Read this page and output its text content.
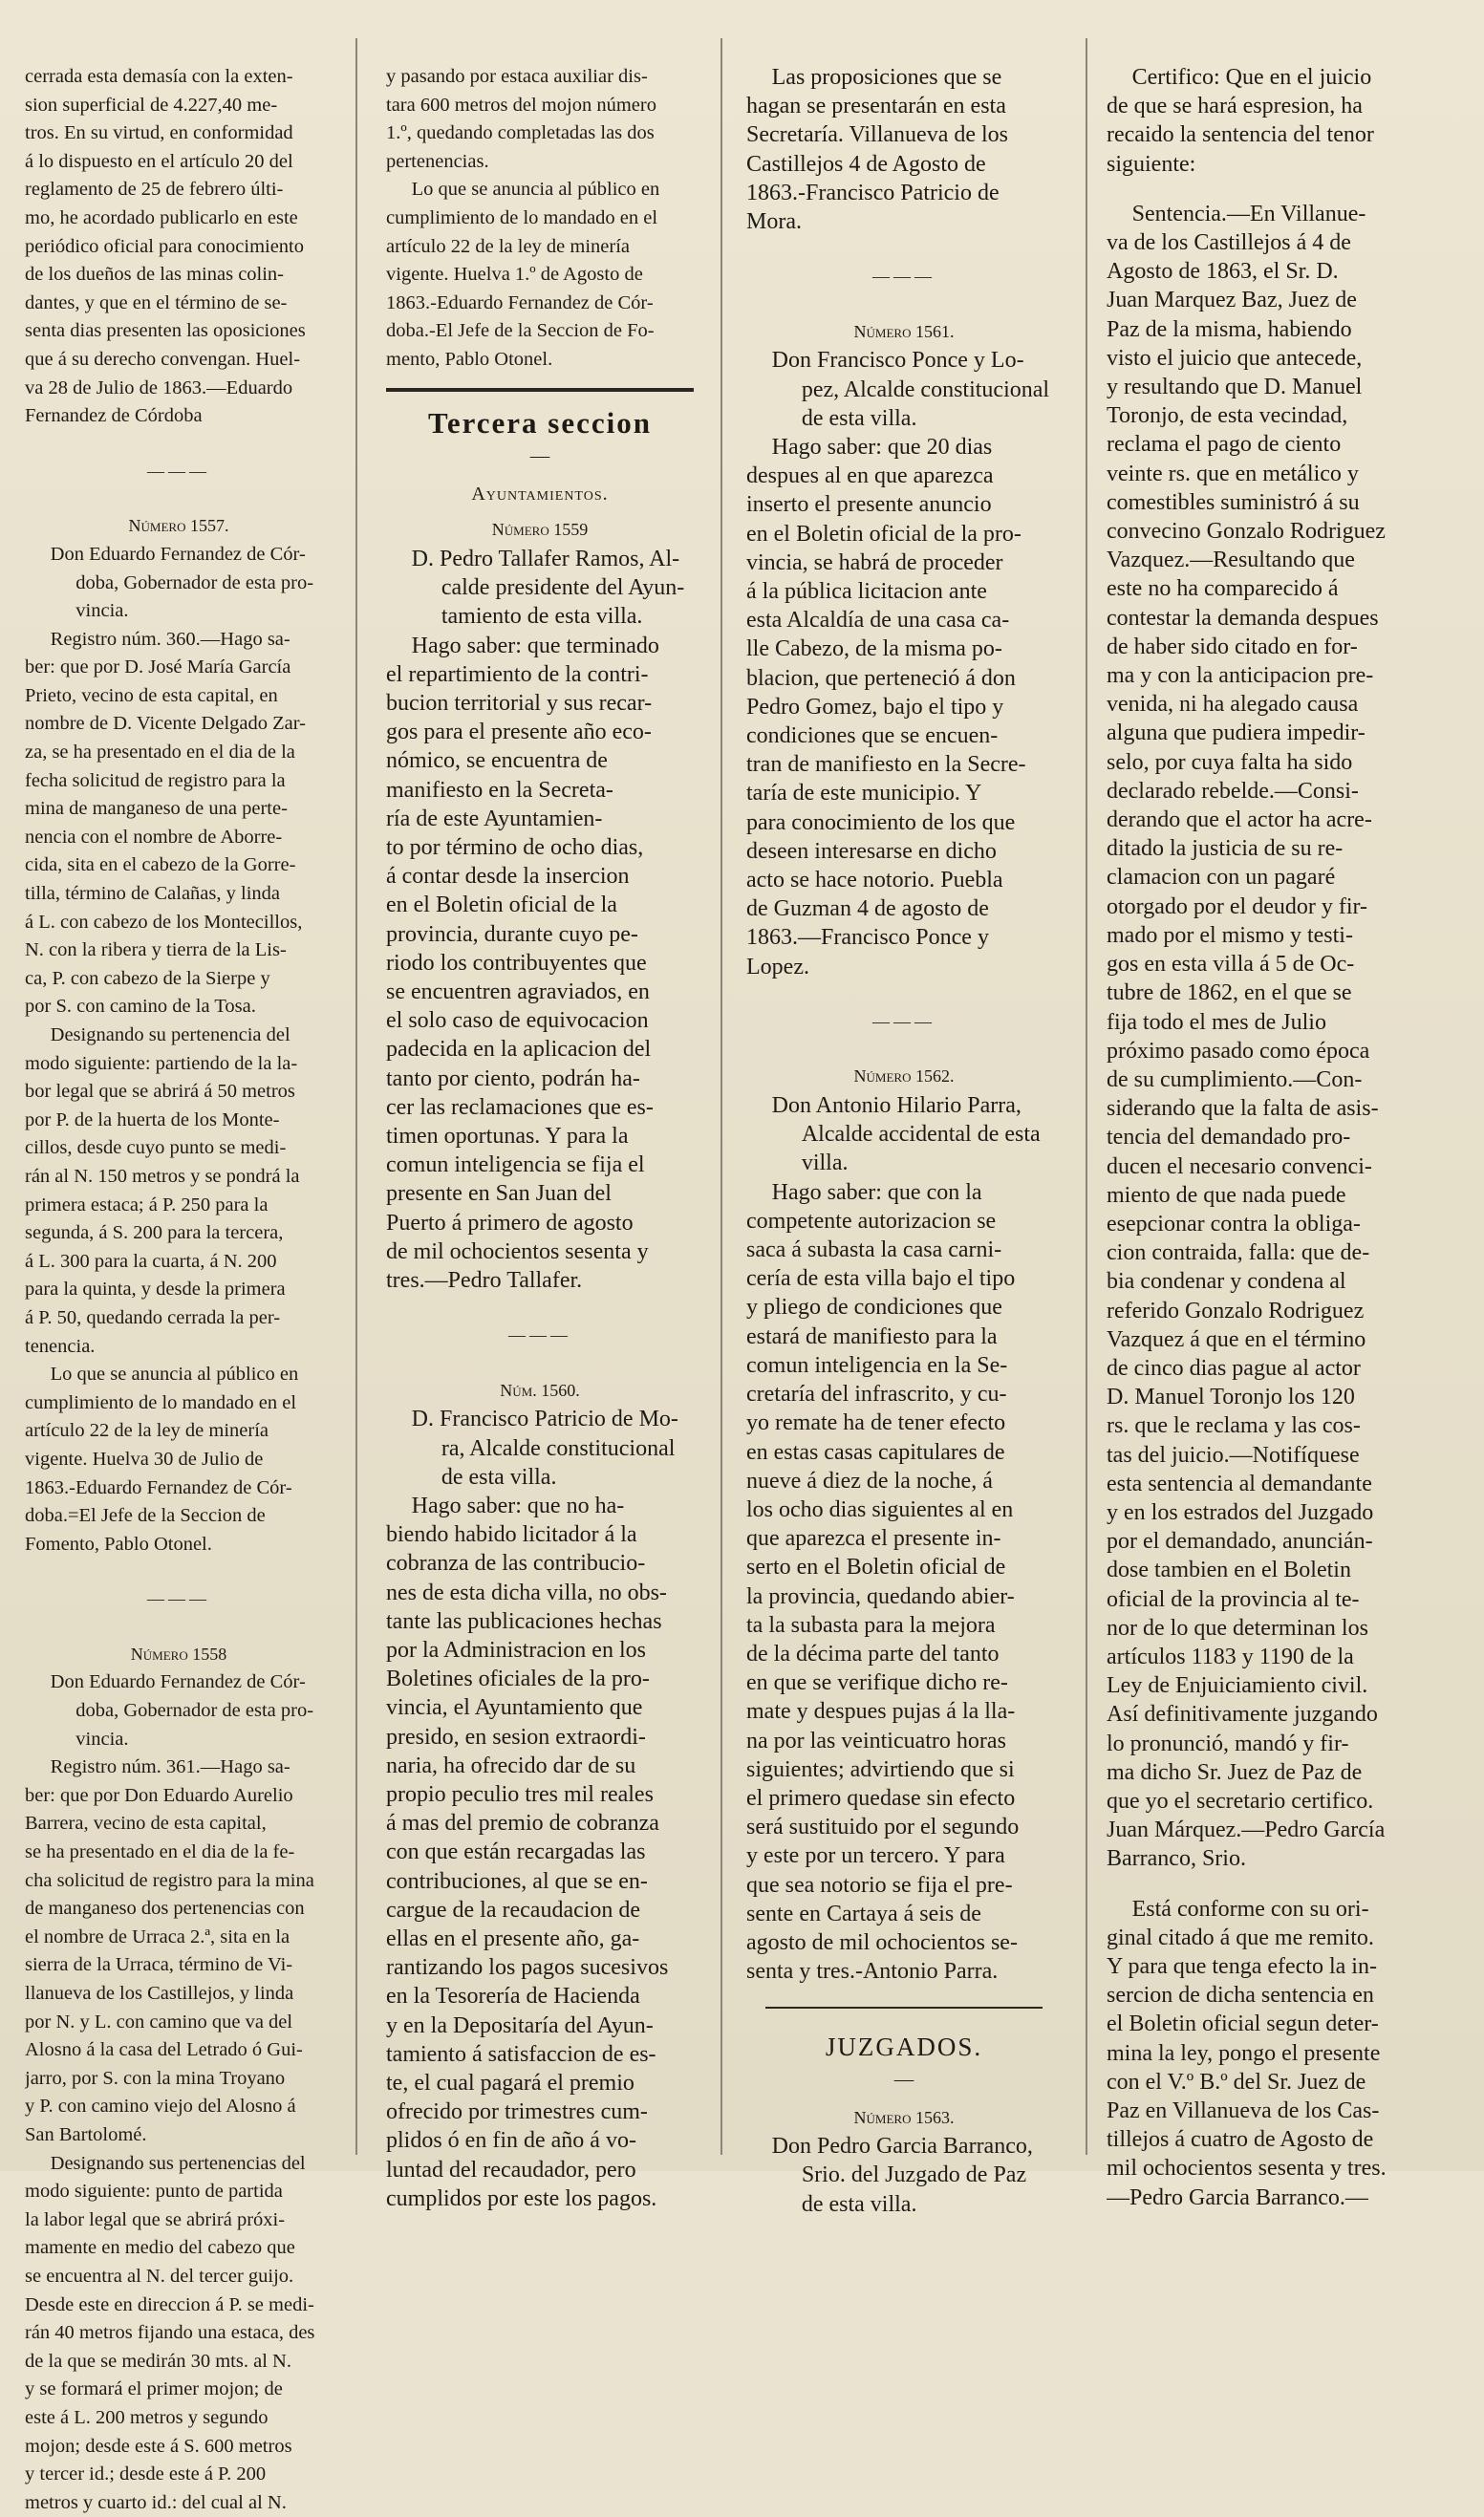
cerrada esta demasía con la exten-
sion superficial de 4.227,40 me-
tros. En su virtud, en conformidad
á lo dispuesto en el artículo 20 del
reglamento de 25 de febrero últi-
mo, he acordado publicarlo en este
periódico oficial para conocimiento
de los dueños de las minas colin-
dantes, y que en el término de se-
senta dias presenten las oposiciones
que á su derecho convengan. Huel-
va 28 de Julio de 1863.—Eduardo
Fernandez de Córdoba
———

Número 1557.

Don Eduardo Fernandez de Cór-
doba, Gobernador de esta pro-
vincia.
Registro núm. 360.—Hago sa-
ber: que por D. José María García
Prieto, vecino de esta capital, en
nombre de D. Vicente Delgado Zar-
za, se ha presentado en el dia de la
fecha solicitud de registro para la
mina de manganeso de una perte-
nencia con el nombre de Aborre-
cida, sita en el cabezo de la Gorre-
tilla, término de Calañas, y linda
á L. con cabezo de los Montecillos,
N. con la ribera y tierra de la Lis-
ca, P. con cabezo de la Sierpe y
por S. con camino de la Tosa.
Designando su pertenencia del
modo siguiente: partiendo de la la-
bor legal que se abrirá á 50 metros
por P. de la huerta de los Monte-
cillos, desde cuyo punto se medi-
rán al N. 150 metros y se pondrá la
primera estaca; á P. 250 para la
segunda, á S. 200 para la tercera,
á L. 300 para la cuarta, á N. 200
para la quinta, y desde la primera
á P. 50, quedando cerrada la per-
tenencia.
Lo que se anuncia al público en
cumplimiento de lo mandado en el
artículo 22 de la ley de minería
vigente. Huelva 30 de Julio de
1863.-Eduardo Fernandez de Cór-
doba.=El Jefe de la Seccion de
Fomento, Pablo Otonel.
———

Número 1558

Don Eduardo Fernandez de Cór-
doba, Gobernador de esta pro-
vincia.
Registro núm. 361.—Hago sa-
ber: que por Don Eduardo Aurelio
Barrera, vecino de esta capital,
se ha presentado en el dia de la fe-
cha solicitud de registro para la mina
de manganeso dos pertenencias con
el nombre de Urraca 2.ª, sita en la
sierra de la Urraca, término de Vi-
llanueva de los Castillejos, y linda
por N. y L. con camino que va del
Alosno á la casa del Letrado ó Gui-
jarro, por S. con la mina Troyano
y P. con camino viejo del Alosno á
San Bartolomé.
Designando sus pertenencias del
modo siguiente: punto de partida
la labor legal que se abrirá próxi-
mamente en medio del cabezo que
se encuentra al N. del tercer guijo.
Desde este en direccion á P. se medi-
rán 40 metros fijando una estaca, des
de la que se medirán 30 mts. al N.
y se formará el primer mojon; de
este á L. 200 metros y segundo
mojon; desde este á S. 600 metros
y tercer id.; desde este á P. 200
metros y cuarto id.: del cual al N.
y pasando por estaca auxiliar dis-
tara 600 metros del mojon número
1.º, quedando completadas las dos
pertenencias.
Lo que se anuncia al público en
cumplimiento de lo mandado en el
artículo 22 de la ley de minería
vigente. Huelva 1.º de Agosto de
1863.-Eduardo Fernandez de Cór-
doba.-El Jefe de la Seccion de Fo-
mento, Pablo Otonel.
Tercera seccion
—
Ayuntamientos.

Número 1559

D. Pedro Tallafer Ramos, Al-
calde presidente del Ayun-
tamiento de esta villa.
Hago saber: que terminado
el repartimiento de la contri-
bucion territorial y sus recar-
gos para el presente año eco-
nómico, se encuentra de
manifiesto en la Secreta-
ría de este Ayuntamien-
to por término de ocho dias,
á contar desde la insercion
en el Boletin oficial de la
provincia, durante cuyo pe-
riodo los contribuyentes que
se encuentren agraviados, en
el solo caso de equivocacion
padecida en la aplicacion del
tanto por ciento, podrán ha-
cer las reclamaciones que es-
timen oportunas. Y para la
comun inteligencia se fija el
presente en San Juan del
Puerto á primero de agosto
de mil ochocientos sesenta y
tres.—Pedro Tallafer.
———

Núm. 1560.

D. Francisco Patricio de Mo-
ra, Alcalde constitucional
de esta villa.
Hago saber: que no ha-
biendo habido licitador á la
cobranza de las contribucio-
nes de esta dicha villa, no obs-
tante las publicaciones hechas
por la Administracion en los
Boletines oficiales de la pro-
vincia, el Ayuntamiento que
presido, en sesion extraordi-
naria, ha ofrecido dar de su
propio peculio tres mil reales
á mas del premio de cobranza
con que están recargadas las
contribuciones, al que se en-
cargue de la recaudacion de
ellas en el presente año, ga-
rantizando los pagos sucesivos
en la Tesorería de Hacienda
y en la Depositaría del Ayun-
tamiento á satisfaccion de es-
te, el cual pagará el premio
ofrecido por trimestres cum-
plidos ó en fin de año á vo-
luntad del recaudador, pero
cumplidos por este los pagos.
Las proposiciones que se
hagan se presentarán en esta
Secretaría. Villanueva de los
Castillejos 4 de Agosto de
1863.-Francisco Patricio de
Mora.
———

Número 1561.

Don Francisco Ponce y Lo-
pez, Alcalde constitucional
de esta villa.
Hago saber: que 20 dias
despues al en que aparezca
inserto el presente anuncio
en el Boletin oficial de la pro-
vincia, se habrá de proceder
á la pública licitacion ante
esta Alcaldía de una casa ca-
lle Cabezo, de la misma po-
blacion, que perteneció á don
Pedro Gomez, bajo el tipo y
condiciones que se encuen-
tran de manifiesto en la Secre-
taría de este municipio. Y
para conocimiento de los que
deseen interesarse en dicho
acto se hace notorio. Puebla
de Guzman 4 de agosto de
1863.—Francisco Ponce y
Lopez.
———

Número 1562.

Don Antonio Hilario Parra,
Alcalde accidental de esta
villa.
Hago saber: que con la
competente autorizacion se
saca á subasta la casa carni-
cería de esta villa bajo el tipo
y pliego de condiciones que
estará de manifiesto para la
comun inteligencia en la Se-
cretaría del infrascrito, y cu-
yo remate ha de tener efecto
en estas casas capitulares de
nueve á diez de la noche, á
los ocho dias siguientes al en
que aparezca el presente in-
serto en el Boletin oficial de
la provincia, quedando abier-
ta la subasta para la mejora
de la décima parte del tanto
en que se verifique dicho re-
mate y despues pujas á la lla-
na por las veinticuatro horas
siguientes; advirtiendo que si
el primero quedase sin efecto
será sustituido por el segundo
y este por un tercero. Y para
que sea notorio se fija el pre-
sente en Cartaya á seis de
agosto de mil ochocientos se-
senta y tres.-Antonio Parra.
JUZGADOS.
—

Número 1563.

Don Pedro Garcia Barranco,
Srio. del Juzgado de Paz
de esta villa.
Certifico: Que en el juicio
de que se hará espresion, ha
recaido la sentencia del tenor
siguiente:
Sentencia.—En Villanue-
va de los Castillejos á 4 de
Agosto de 1863, el Sr. D.
Juan Marquez Baz, Juez de
Paz de la misma, habiendo
visto el juicio que antecede,
y resultando que D. Manuel
Toronjo, de esta vecindad,
reclama el pago de ciento
veinte rs. que en metálico y
comestibles suministró á su
convecino Gonzalo Rodriguez
Vazquez.—Resultando que
este no ha comparecido á
contestar la demanda despues
de haber sido citado en for-
ma y con la anticipacion pre-
venida, ni ha alegado causa
alguna que pudiera impedir-
selo, por cuya falta ha sido
declarado rebelde.—Consi-
derando que el actor ha acre-
ditado la justicia de su re-
clamacion con un pagaré
otorgado por el deudor y fir-
mado por el mismo y testi-
gos en esta villa á 5 de Oc-
tubre de 1862, en el que se
fija todo el mes de Julio
próximo pasado como época
de su cumplimiento.—Con-
siderando que la falta de asis-
tencia del demandado pro-
ducen el necesario convenci-
miento de que nada puede
esepcionar contra la obliga-
cion contraida, falla: que de-
bia condenar y condena al
referido Gonzalo Rodriguez
Vazquez á que en el término
de cinco dias pague al actor
D. Manuel Toronjo los 120
rs. que le reclama y las cos-
tas del juicio.—Notifíquese
esta sentencia al demandante
y en los estrados del Juzgado
por el demandado, anuncián-
dose tambien en el Boletin
oficial de la provincia al te-
nor de lo que determinan los
artículos 1183 y 1190 de la
Ley de Enjuiciamiento civil.
Así definitivamente juzgando
lo pronunció, mandó y fir-
ma dicho Sr. Juez de Paz de
que yo el secretario certifico.
Juan Márquez.—Pedro García
Barranco, Srio.
Está conforme con su ori-
ginal citado á que me remito.
Y para que tenga efecto la in-
sercion de dicha sentencia en
el Boletin oficial segun deter-
mina la ley, pongo el presente
con el V.º B.º del Sr. Juez de
Paz en Villanueva de los Cas-
tillejos á cuatro de Agosto de
mil ochocientos sesenta y tres.
—Pedro Garcia Barranco.—
